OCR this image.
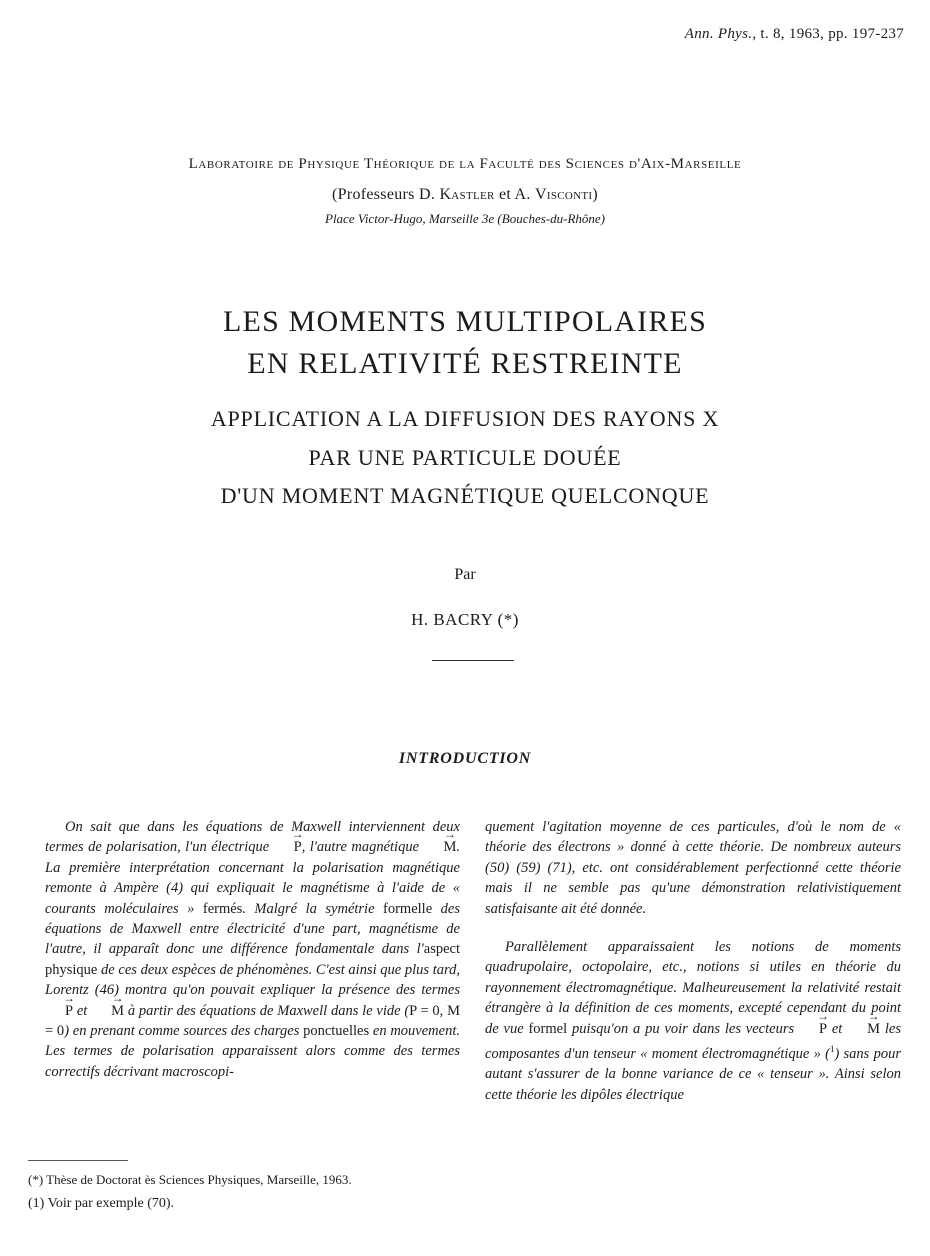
Ann. Phys., t. 8, 1963, pp. 197-237
Laboratoire de Physique Théorique de la Faculté des Sciences d'Aix-Marseille
(Professeurs D. Kastler et A. Visconti)
Place Victor-Hugo, Marseille 3e (Bouches-du-Rhône)
LES MOMENTS MULTIPOLAIRES
EN RELATIVITÉ RESTREINTE
APPLICATION A LA DIFFUSION DES RAYONS X
PAR UNE PARTICULE DOUÉE
D'UN MOMENT MAGNÉTIQUE QUELCONQUE
Par
H. BACRY (*)
INTRODUCTION

On sait que dans les équations de Maxwell interviennent deux termes de polarisation, l'un électrique → P, l'autre magnétique → M. La première interprétation concernant la polarisation magnétique remonte à Ampère (4) qui expliquait le magnétisme à l'aide de « courants moléculaires » fermés. Malgré la symétrie formelle des équations de Maxwell entre électricité d'une part, magnétisme de l'autre, il apparaît donc une différence fondamentale dans l'aspect physique de ces deux espèces de phénomènes. C'est ainsi que plus tard, Lorentz (46) montra qu'on pouvait expliquer la présence des termes → P et → M à partir des équations de Maxwell dans le vide (P = 0, M = 0) en prenant comme sources des charges ponctuelles en mouvement. Les termes de polarisation apparaissent alors comme des termes correctifs décrivant macroscopi-

quement l'agitation moyenne de ces particules, d'où le nom de « théorie des électrons » donné à cette théorie. De nombreux auteurs (50) (59) (71), etc. ont considérablement perfectionné cette théorie mais il ne semble pas qu'une démonstration relativistiquement satisfaisante ait été donnée.

Parallèlement apparaissaient les notions de moments quadrupolaire, octopolaire, etc., notions si utiles en théorie du rayonnement électromagnétique. Malheureusement la relativité restait étrangère à la définition de ces moments, excepté cependant du point de vue formel puisqu'on a pu voir dans les vecteurs → P et → M les composantes d'un tenseur « moment électromagnétique » ($^1$) sans pour autant s'assurer de la bonne variance de ce « tenseur ». Ainsi selon cette théorie les dipôles électrique

(*) Thèse de Doctorat ès Sciences Physiques, Marseille, 1963.
(1) Voir par exemple (70).
